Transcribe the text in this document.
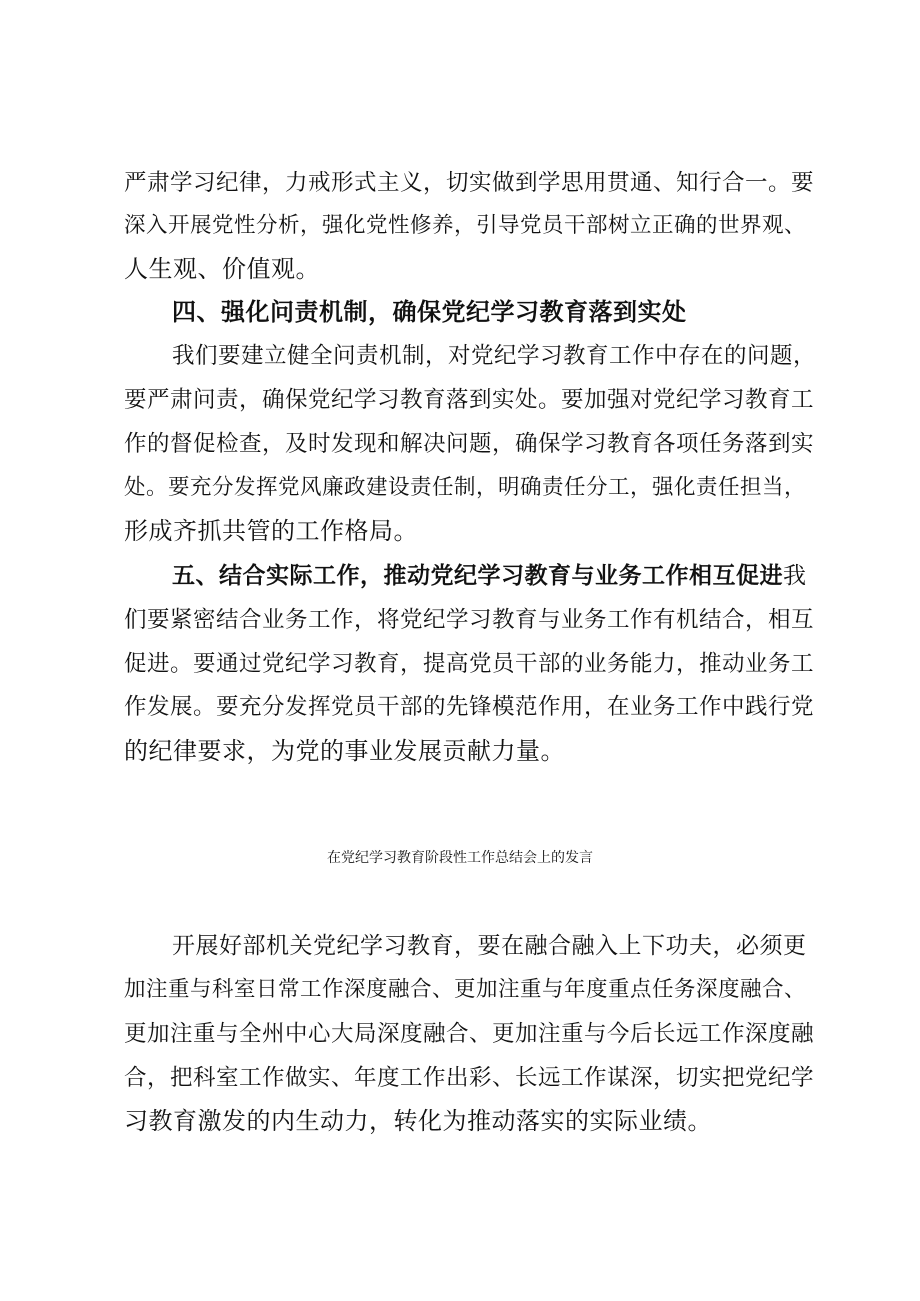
严肃学习纪律，力戒形式主义，切实做到学思用贯通、知行合一。要
深入开展党性分析，强化党性修养，引导党员干部树立正确的世界观、
人生观、价值观。
四、强化问责机制，确保党纪学习教育落到实处
我们要建立健全问责机制，对党纪学习教育工作中存在的问题，
要严肃问责，确保党纪学习教育落到实处。要加强对党纪学习教育工
作的督促检查，及时发现和解决问题，确保学习教育各项任务落到实
处。要充分发挥党风廉政建设责任制，明确责任分工，强化责任担当，
形成齐抓共管的工作格局。
五、结合实际工作，推动党纪学习教育与业务工作相互促进我
们要紧密结合业务工作，将党纪学习教育与业务工作有机结合，相互
促进。要通过党纪学习教育，提高党员干部的业务能力，推动业务工
作发展。要充分发挥党员干部的先锋模范作用，在业务工作中践行党
的纪律要求，为党的事业发展贡献力量。
在党纪学习教育阶段性工作总结会上的发言
开展好部机关党纪学习教育，要在融合融入上下功夫，必须更
加注重与科室日常工作深度融合、更加注重与年度重点任务深度融合、
更加注重与全州中心大局深度融合、更加注重与今后长远工作深度融
合，把科室工作做实、年度工作出彩、长远工作谋深，切实把党纪学
习教育激发的内生动力，转化为推动落实的实际业绩。
